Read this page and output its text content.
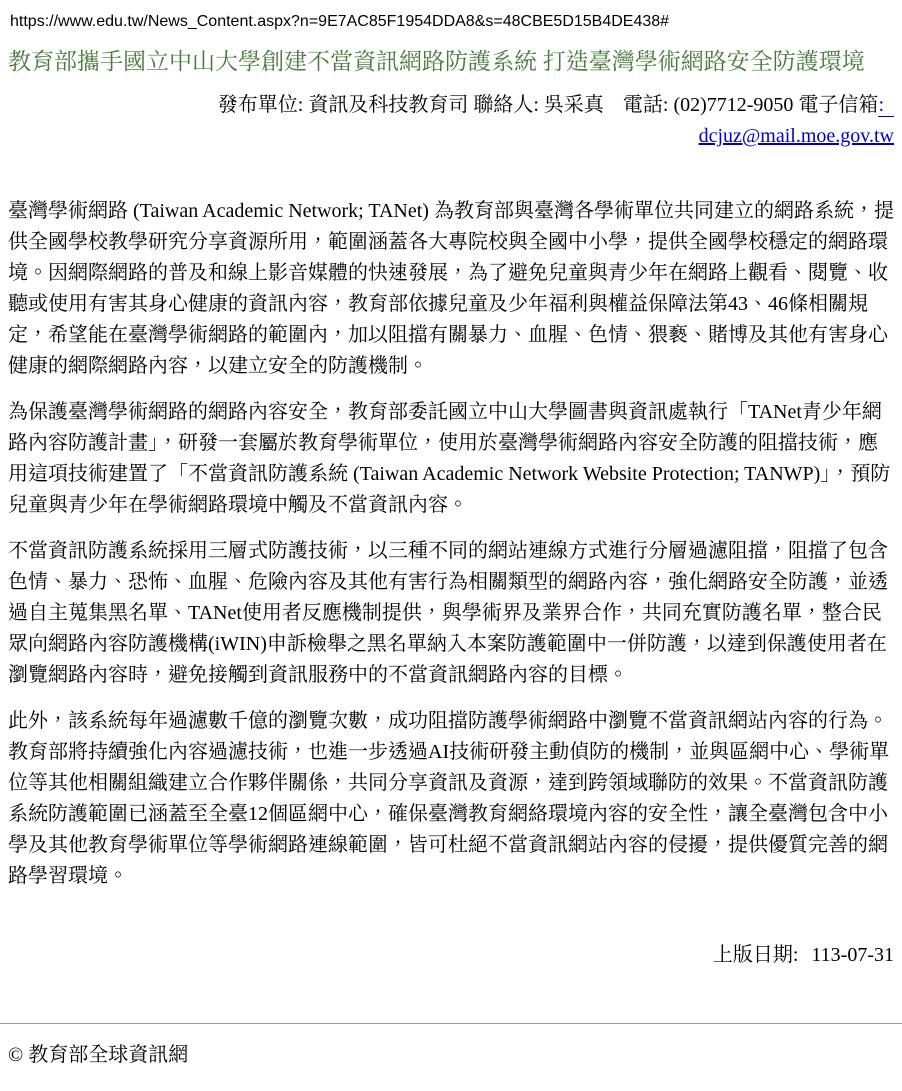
https://www.edu.tw/News_Content.aspx?n=9E7AC85F1954DDA8&s=48CBE5D15B4DE438#
教育部攜手國立中山大學創建不當資訊網路防護系統 打造臺灣學術網路安全防護環境
發布單位: 資訊及科技教育司 聯絡人: 吳采真 電話: (02)7712-9050 電子信箱:
dcjuz@mail.moe.gov.tw

臺灣學術網路 (Taiwan Academic Network; TANet) 為教育部與臺灣各學術單位共同建立的網路系統，提供全國學校教學研究分享資源所用，範圍涵蓋各大專院校與全國中小學，提供全國學校穩定的網路環境。因網際網路的普及和線上影音媒體的快速發展，為了避免兒童與青少年在網路上觀看、閱覽、收聽或使用有害其身心健康的資訊內容，教育部依據兒童及少年福利與權益保障法第43、46條相關規定，希望能在臺灣學術網路的範圍內，加以阻擋有關暴力、血腥、色情、猥褻、賭博及其他有害身心健康的網際網路內容，以建立安全的防護機制。

為保護臺灣學術網路的網路內容安全，教育部委託國立中山大學圖書與資訊處執行「TANet青少年網路內容防護計畫」，研發一套屬於教育學術單位，使用於臺灣學術網路內容安全防護的阻擋技術，應用這項技術建置了「不當資訊防護系統 (Taiwan Academic Network Website Protection; TANWP)」，預防兒童與青少年在學術網路環境中觸及不當資訊內容。

不當資訊防護系統採用三層式防護技術，以三種不同的網站連線方式進行分層過濾阻擋，阻擋了包含色情、暴力、恐怖、血腥、危險內容及其他有害行為相關類型的網路內容，強化網路安全防護，並透過自主蒐集黑名單、TANet使用者反應機制提供，與學術界及業界合作，共同充實防護名單，整合民眾向網路內容防護機構(iWIN)申訴檢舉之黑名單納入本案防護範圍中一併防護，以達到保護使用者在瀏覽網路內容時，避免接觸到資訊服務中的不當資訊網路內容的目標。

此外，該系統每年過濾數千億的瀏覽次數，成功阻擋防護學術網路中瀏覽不當資訊網站內容的行為。教育部將持續強化內容過濾技術，也進一步透過AI技術研發主動偵防的機制，並與區網中心、學術單位等其他相關組織建立合作夥伴關係，共同分享資訊及資源，達到跨領域聯防的效果。不當資訊防護系統防護範圍已涵蓋至全臺12個區網中心，確保臺灣教育網絡環境內容的安全性，讓全臺灣包含中小學及其他教育學術單位等學術網路連線範圍，皆可杜絕不當資訊網站內容的侵擾，提供優質完善的網路學習環境。

上版日期: 113-07-31
© 教育部全球資訊網
